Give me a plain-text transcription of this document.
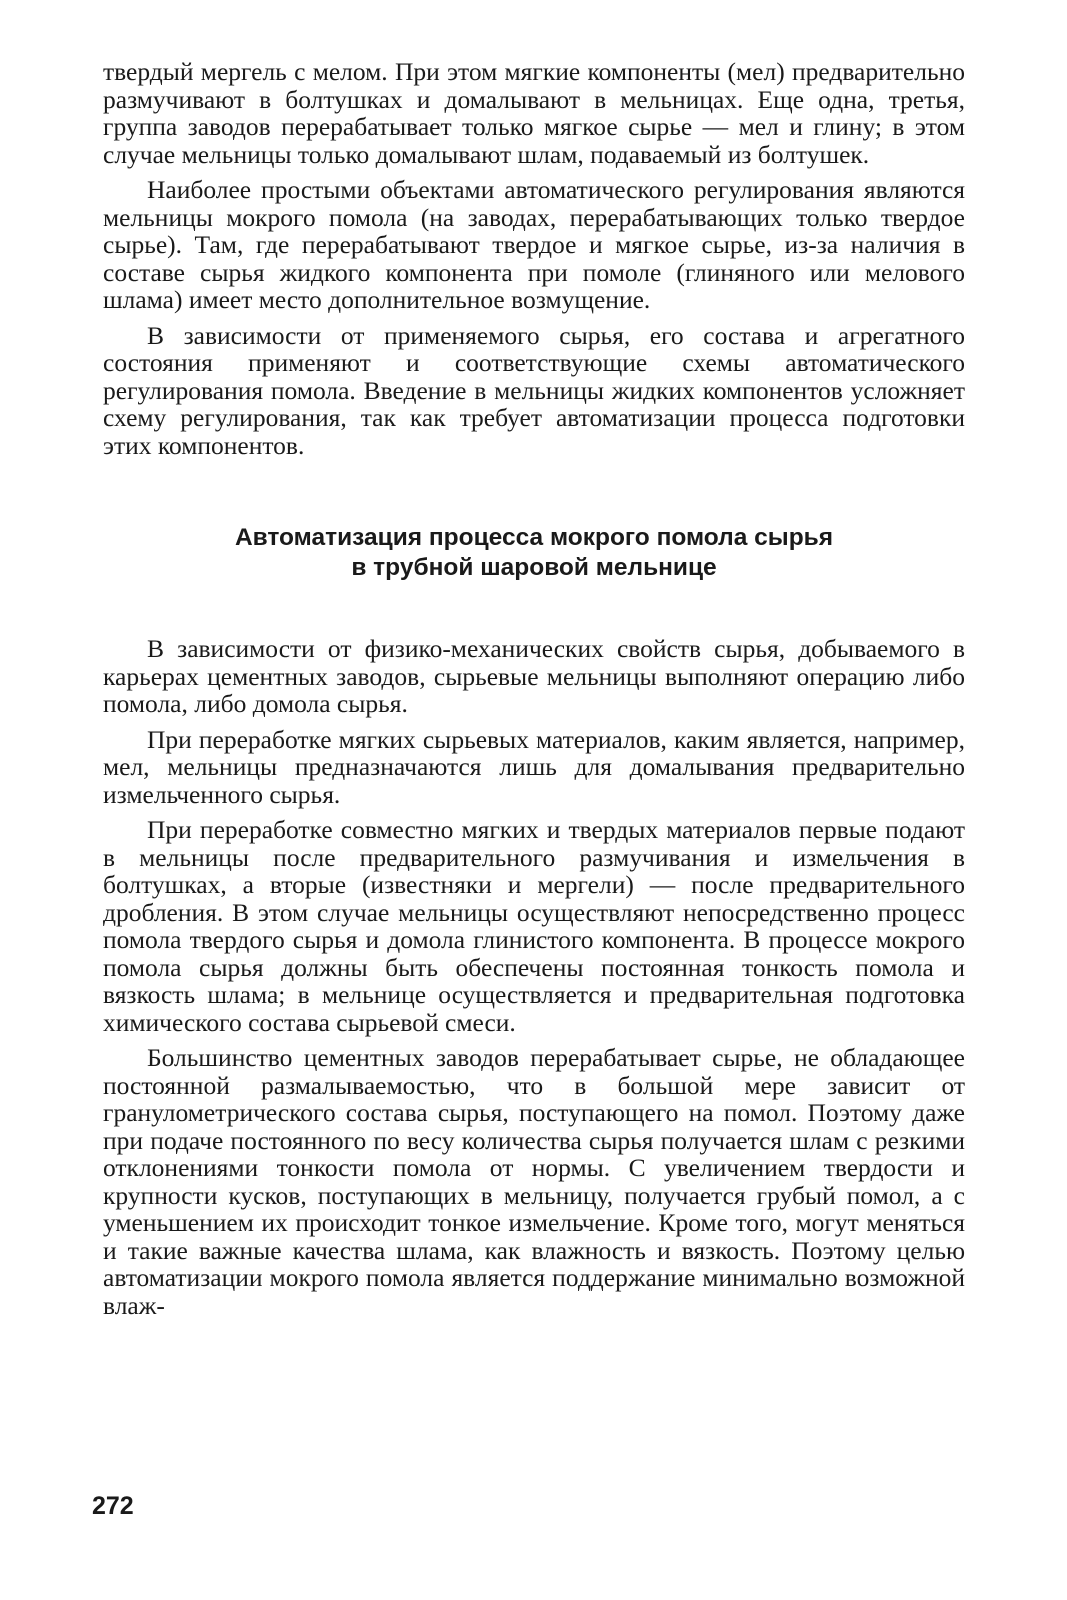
твердый мергель с мелом. При этом мягкие компоненты (мел) предварительно размучивают в болтушках и домалывают в мельницах. Еще одна, третья, группа заводов перерабатывает только мягкое сырье — мел и глину; в этом случае мельницы только домалывают шлам, подаваемый из болтушек.

Наиболее простыми объектами автоматического регулирования являются мельницы мокрого помола (на заводах, перерабатывающих только твердое сырье). Там, где перерабатывают твердое и мягкое сырье, из-за наличия в составе сырья жидкого компонента при помоле (глиняного или мелового шлама) имеет место дополнительное возмущение.

В зависимости от применяемого сырья, его состава и агрегатного состояния применяют и соответствующие схемы автоматического регулирования помола. Введение в мельницы жидких компонентов усложняет схему регулирования, так как требует автоматизации процесса подготовки этих компонентов.

Автоматизация процесса мокрого помола сырья
в трубной шаровой мельнице

В зависимости от физико-механических свойств сырья, добываемого в карьерах цементных заводов, сырьевые мельницы выполняют операцию либо помола, либо домола сырья.

При переработке мягких сырьевых материалов, каким является, например, мел, мельницы предназначаются лишь для домалывания предварительно измельченного сырья.

При переработке совместно мягких и твердых материалов первые подают в мельницы после предварительного размучивания и измельчения в болтушках, а вторые (известняки и мергели) — после предварительного дробления. В этом случае мельницы осуществляют непосредственно процесс помола твердого сырья и домола глинистого компонента. В процессе мокрого помола сырья должны быть обеспечены постоянная тонкость помола и вязкость шлама; в мельнице осуществляется и предварительная подготовка химического состава сырьевой смеси.

Большинство цементных заводов перерабатывает сырье, не обладающее постоянной размалываемостью, что в большой мере зависит от гранулометрического состава сырья, поступающего на помол. Поэтому даже при подаче постоянного по весу количества сырья получается шлам с резкими отклонениями тонкости помола от нормы. С увеличением твердости и крупности кусков, поступающих в мельницу, получается грубый помол, а с уменьшением их происходит тонкое измельчение. Кроме того, могут меняться и такие важные качества шлама, как влажность и вязкость. Поэтому целью автоматизации мокрого помола является поддержание минимально возможной влаж-

272
